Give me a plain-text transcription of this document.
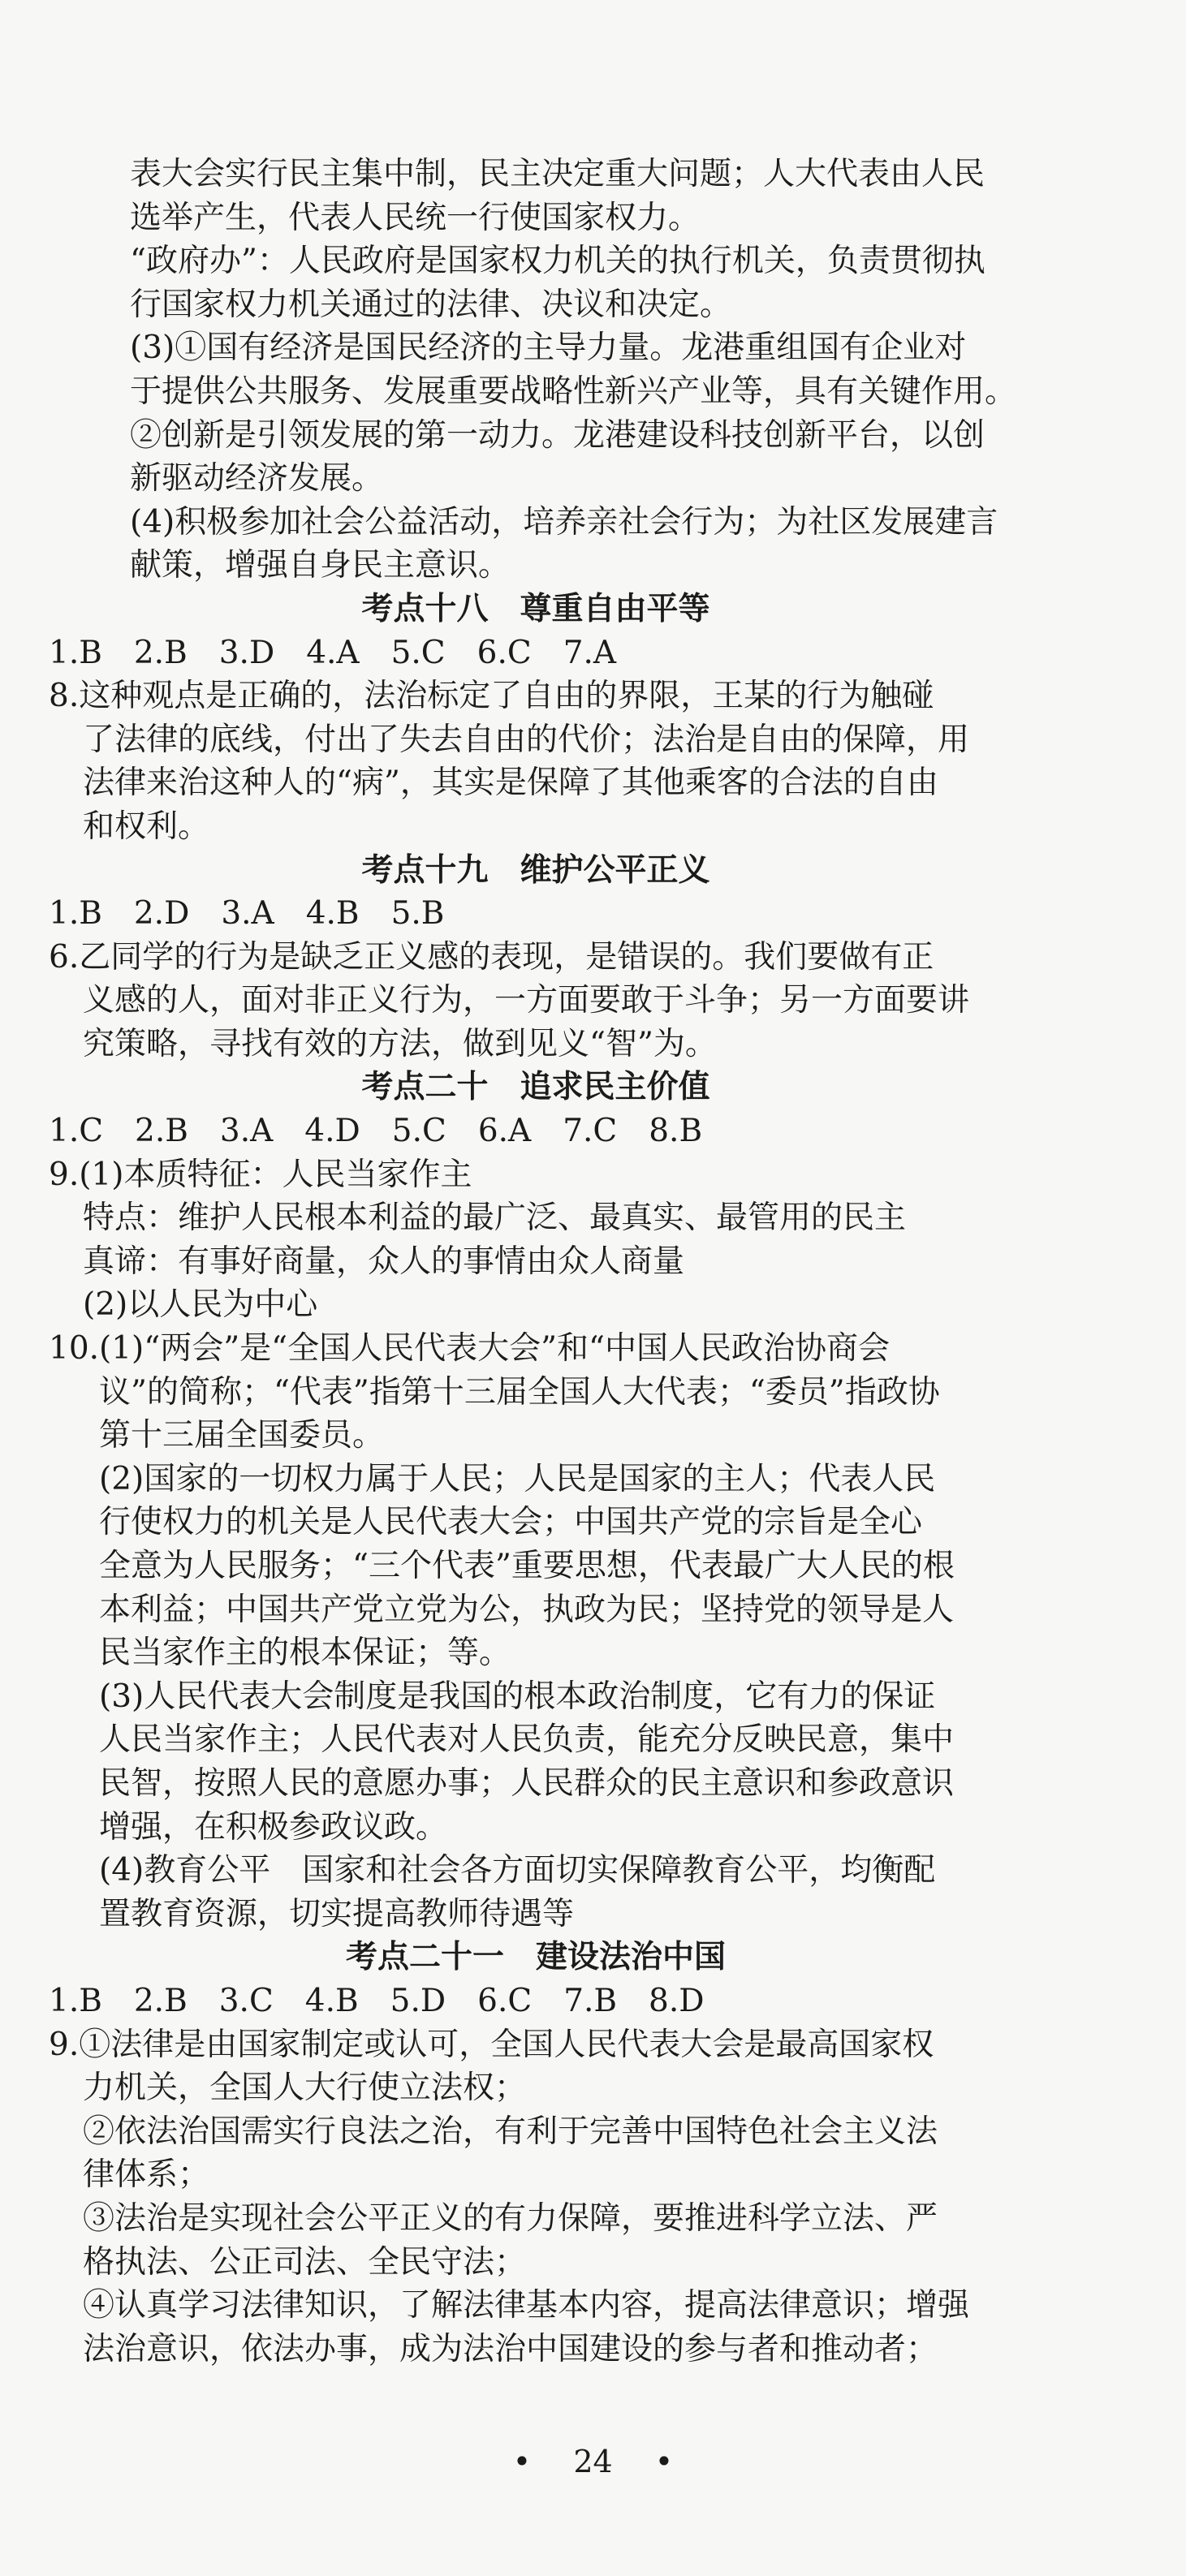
表大会实行民主集中制，民主决定重大问题；人大代表由人民
选举产生，代表人民统一行使国家权力。
“政府办”：人民政府是国家权力机关的执行机关，负责贯彻执
行国家权力机关通过的法律、决议和决定。
(3)①国有经济是国民经济的主导力量。龙港重组国有企业对
于提供公共服务、发展重要战略性新兴产业等，具有关键作用。
②创新是引领发展的第一动力。龙港建设科技创新平台，以创
新驱动经济发展。
(4)积极参加社会公益活动，培养亲社会行为；为社区发展建言
献策，增强自身民主意识。
考点十八　尊重自由平等
1.B　2.B　3.D　4.A　5.C　6.C　7.A
8.这种观点是正确的，法治标定了自由的界限，王某的行为触碰
了法律的底线，付出了失去自由的代价；法治是自由的保障，用
法律来治这种人的“病”，其实是保障了其他乘客的合法的自由
和权利。
考点十九　维护公平正义
1.B　2.D　3.A　4.B　5.B
6.乙同学的行为是缺乏正义感的表现，是错误的。我们要做有正
义感的人，面对非正义行为，一方面要敢于斗争；另一方面要讲
究策略，寻找有效的方法，做到见义“智”为。
考点二十　追求民主价值
1.C　2.B　3.A　4.D　5.C　6.A　7.C　8.B
9.(1)本质特征：人民当家作主
特点：维护人民根本利益的最广泛、最真实、最管用的民主
真谛：有事好商量，众人的事情由众人商量
(2)以人民为中心
10.(1)“两会”是“全国人民代表大会”和“中国人民政治协商会
议”的简称；“代表”指第十三届全国人大代表；“委员”指政协
第十三届全国委员。
(2)国家的一切权力属于人民；人民是国家的主人；代表人民
行使权力的机关是人民代表大会；中国共产党的宗旨是全心
全意为人民服务；“三个代表”重要思想，代表最广大人民的根
本利益；中国共产党立党为公，执政为民；坚持党的领导是人
民当家作主的根本保证；等。
(3)人民代表大会制度是我国的根本政治制度，它有力的保证
人民当家作主；人民代表对人民负责，能充分反映民意，集中
民智，按照人民的意愿办事；人民群众的民主意识和参政意识
增强，在积极参政议政。
(4)教育公平　国家和社会各方面切实保障教育公平，均衡配
置教育资源，切实提高教师待遇等
考点二十一　建设法治中国
1.B　2.B　3.C　4.B　5.D　6.C　7.B　8.D
9.①法律是由国家制定或认可，全国人民代表大会是最高国家权
力机关，全国人大行使立法权；
②依法治国需实行良法之治，有利于完善中国特色社会主义法
律体系；
③法治是实现社会公平正义的有力保障，要推进科学立法、严
格执法、公正司法、全民守法；
④认真学习法律知识，了解法律基本内容，提高法律意识；增强
法治意识，依法办事，成为法治中国建设的参与者和推动者；
• 24 •
